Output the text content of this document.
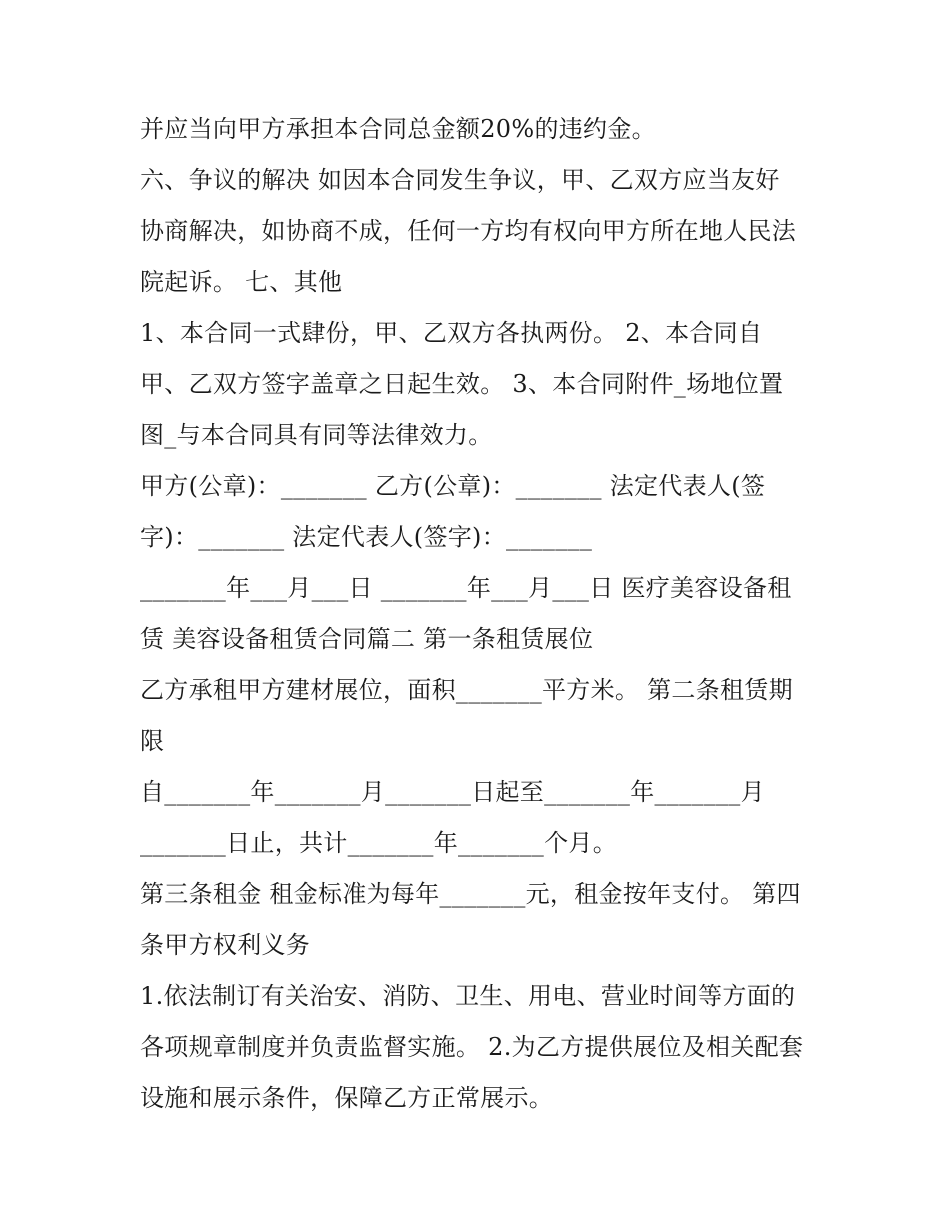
并应当向甲方承担本合同总金额20%的违约金。
六、争议的解决 如因本合同发生争议，甲、乙双方应当友好
协商解决，如协商不成，任何一方均有权向甲方所在地人民法
院起诉。 七、其他
1、本合同一式肆份，甲、乙双方各执两份。 2、本合同自
甲、乙双方签字盖章之日起生效。 3、本合同附件_场地位置
图_与本合同具有同等法律效力。
甲方(公章)：_______ 乙方(公章)：_______ 法定代表人(签
字)：_______ 法定代表人(签字)：_______
_______年___月___日 _______年___月___日 医疗美容设备租
赁 美容设备租赁合同篇二 第一条租赁展位
乙方承租甲方建材展位，面积_______平方米。 第二条租赁期
限
自_______年_______月_______日起至_______年_______月
_______日止，共计_______年_______个月。
第三条租金 租金标准为每年_______元，租金按年支付。 第四
条甲方权利义务
1.依法制订有关治安、消防、卫生、用电、营业时间等方面的
各项规章制度并负责监督实施。 2.为乙方提供展位及相关配套
设施和展示条件，保障乙方正常展示。
